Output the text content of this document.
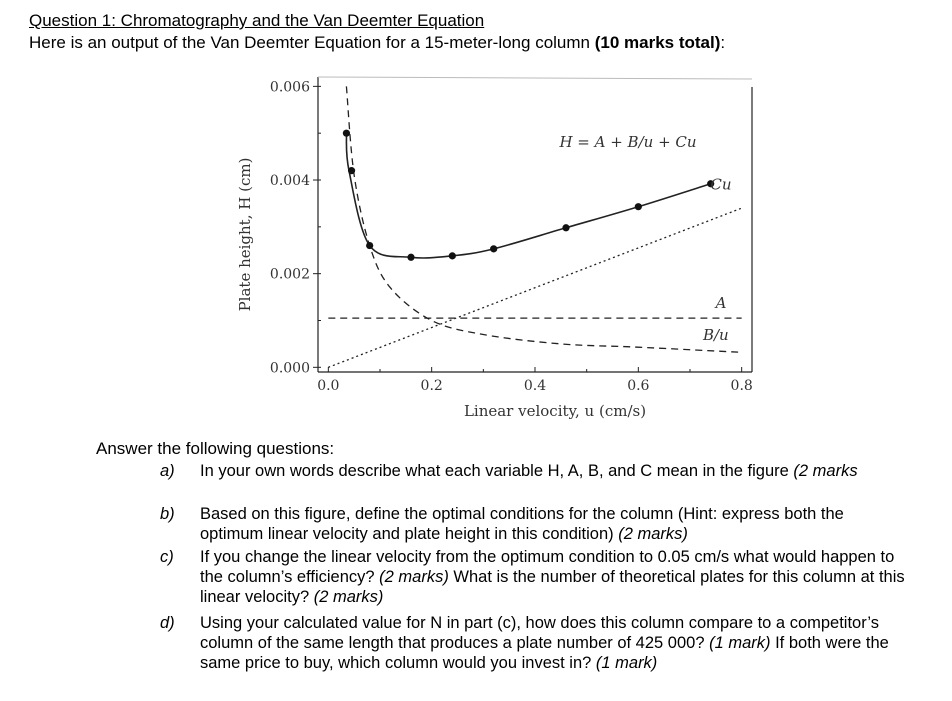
Question 1: Chromatography and the Van Deemter Equation
Here is an output of the Van Deemter Equation for a 15-meter-long column (10 marks total):
0.0	0.2	0.4	0.6	0.8
0.000
0.002
0.004
0.006
Linear velocity, u (cm/s)
Plate height, H (cm)
H = A + B/u + Cu
Cu
A
B/u
Answer the following questions:
a) In your own words describe what each variable H, A, B, and C mean in the figure (2 marks
b) Based on this figure, define the optimal conditions for the column (Hint: express both the optimum linear velocity and plate height in this condition) (2 marks)
c) If you change the linear velocity from the optimum condition to 0.05 cm/s what would happen to the column’s efficiency? (2 marks) What is the number of theoretical plates for this column at this linear velocity? (2 marks)
d) Using your calculated value for N in part (c), how does this column compare to a competitor’s column of the same length that produces a plate number of 425 000? (1 mark) If both were the same price to buy, which column would you invest in? (1 mark)
